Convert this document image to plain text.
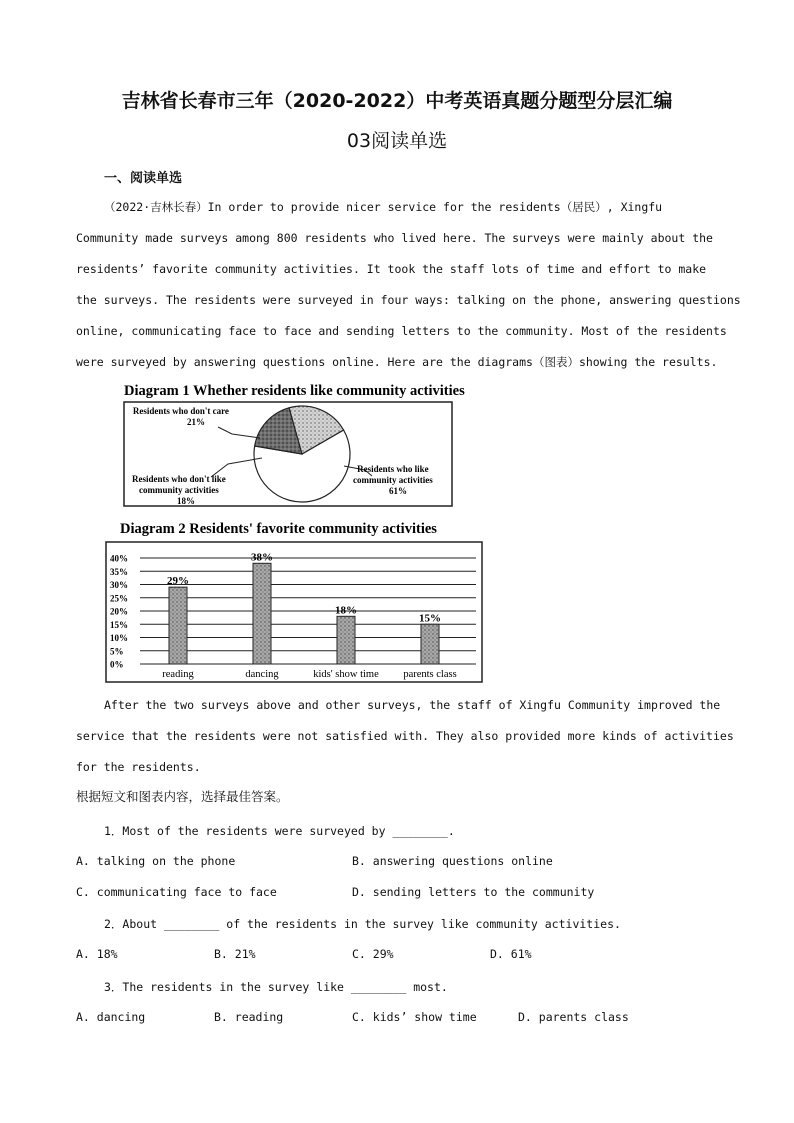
吉林省长春市三年（2020-2022）中考英语真题分题型分层汇编
03阅读单选
一、阅读单选
（2022·吉林长春）In order to provide nicer service for the residents（居民）, Xingfu
Community made surveys among 800 residents who lived here. The surveys were mainly about the
residents’ favorite community activities. It took the staff lots of time and effort to make
the surveys. The residents were surveyed in four ways: talking on the phone, answering questions
online, communicating face to face and sending letters to the community. Most of the residents
were surveyed by answering questions online. Here are the diagrams（图表）showing the results.
Diagram 1 Whether residents like community activities
Residents who don't care 21%
Residents who don't like community activities 18%
Residents who like community activities 61%
Diagram 2 Residents' favorite community activities
0%
5%
10%
15%
20%
25%
30%
35%
40%
29%
reading
38%
dancing
18%
kids' show time
15%
parents class
After the two surveys above and other surveys, the staff of Xingfu Community improved the
service that the residents were not satisfied with. They also provided more kinds of activities
for the residents.
根据短文和图表内容，选择最佳答案。
1．Most of the residents were surveyed by ________.
A. talking on the phone	B. answering questions online
C. communicating face to face	D. sending letters to the community
2．About ________ of the residents in the survey like community activities.
A. 18%	B. 21%	C. 29%	D. 61%
3．The residents in the survey like ________ most.
A. dancing	B. reading	C. kids’ show time	D. parents class
